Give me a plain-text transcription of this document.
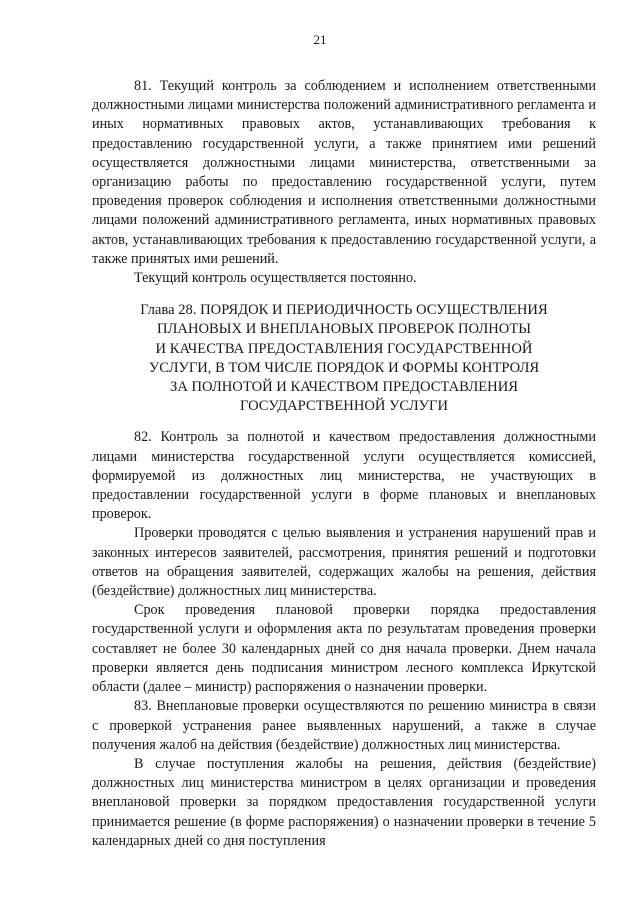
21

81. Текущий контроль за соблюдением и исполнением ответственными должностными лицами министерства положений административного регламента и иных нормативных правовых актов, устанавливающих требования к предоставлению государственной услуги, а также принятием ими решений осуществляется должностными лицами министерства, ответственными за организацию работы по предоставлению государственной услуги, путем проведения проверок соблюдения и исполнения ответственными должностными лицами положений административного регламента, иных нормативных правовых актов, устанавливающих требования к предоставлению государственной услуги, а также принятых ими решений.

Текущий контроль осуществляется постоянно.

Глава 28. ПОРЯДОК И ПЕРИОДИЧНОСТЬ ОСУЩЕСТВЛЕНИЯ
ПЛАНОВЫХ И ВНЕПЛАНОВЫХ ПРОВЕРОК ПОЛНОТЫ
И КАЧЕСТВА ПРЕДОСТАВЛЕНИЯ ГОСУДАРСТВЕННОЙ
УСЛУГИ, В ТОМ ЧИСЛЕ ПОРЯДОК И ФОРМЫ КОНТРОЛЯ
ЗА ПОЛНОТОЙ И КАЧЕСТВОМ ПРЕДОСТАВЛЕНИЯ
ГОСУДАРСТВЕННОЙ УСЛУГИ

82. Контроль за полнотой и качеством предоставления должностными лицами министерства государственной услуги осуществляется комиссией, формируемой из должностных лиц министерства, не участвующих в предоставлении государственной услуги в форме плановых и внеплановых проверок.

Проверки проводятся с целью выявления и устранения нарушений прав и законных интересов заявителей, рассмотрения, принятия решений и подготовки ответов на обращения заявителей, содержащих жалобы на решения, действия (бездействие) должностных лиц министерства.

Срок проведения плановой проверки порядка предоставления государственной услуги и оформления акта по результатам проведения проверки составляет не более 30 календарных дней со дня начала проверки. Днем начала проверки является день подписания министром лесного комплекса Иркутской области (далее – министр) распоряжения о назначении проверки.

83. Внеплановые проверки осуществляются по решению министра в связи с проверкой устранения ранее выявленных нарушений, а также в случае получения жалоб на действия (бездействие) должностных лиц министерства.

В случае поступления жалобы на решения, действия (бездействие) должностных лиц министерства министром в целях организации и проведения внеплановой проверки за порядком предоставления государственной услуги принимается решение (в форме распоряжения) о назначении проверки в течение 5 календарных дней со дня поступления
